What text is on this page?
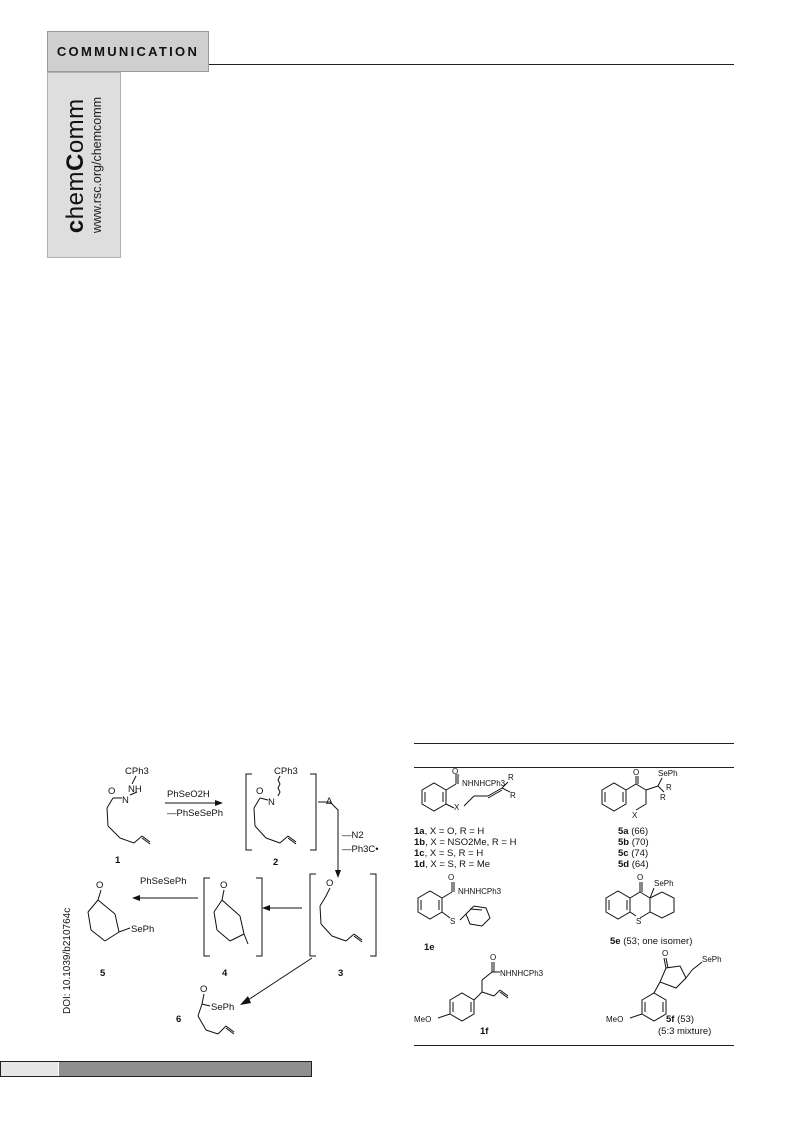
COMMUNICATION
chemComm www.rsc.org/chemcomm
DOI: 10.1039/b210764c
O
N
NH
CPh3
1
PhSeO2H
—PhSeSePh
O
N
CPh3
2
Δ
—N2
—Ph3C•
O
3
O
4
PhSeSePh
O
SePh
5
O
SePh
6
O
NHNHCPh3
X
R
R
1a, X = O, R = H
1b, X = NSO2Me, R = H
1c, X = S, R = H
1d, X = S, R = Me
O SePh
X
R
R
5a (66)
5b (70)
5c (74)
5d (64)
O
NHNHCPh3
S
1e
O
SePh
S
5e (53; one isomer)
O
NHNHCPh3
MeO
1f
O
SePh
MeO	5f (53)
(5:3 mixture)
